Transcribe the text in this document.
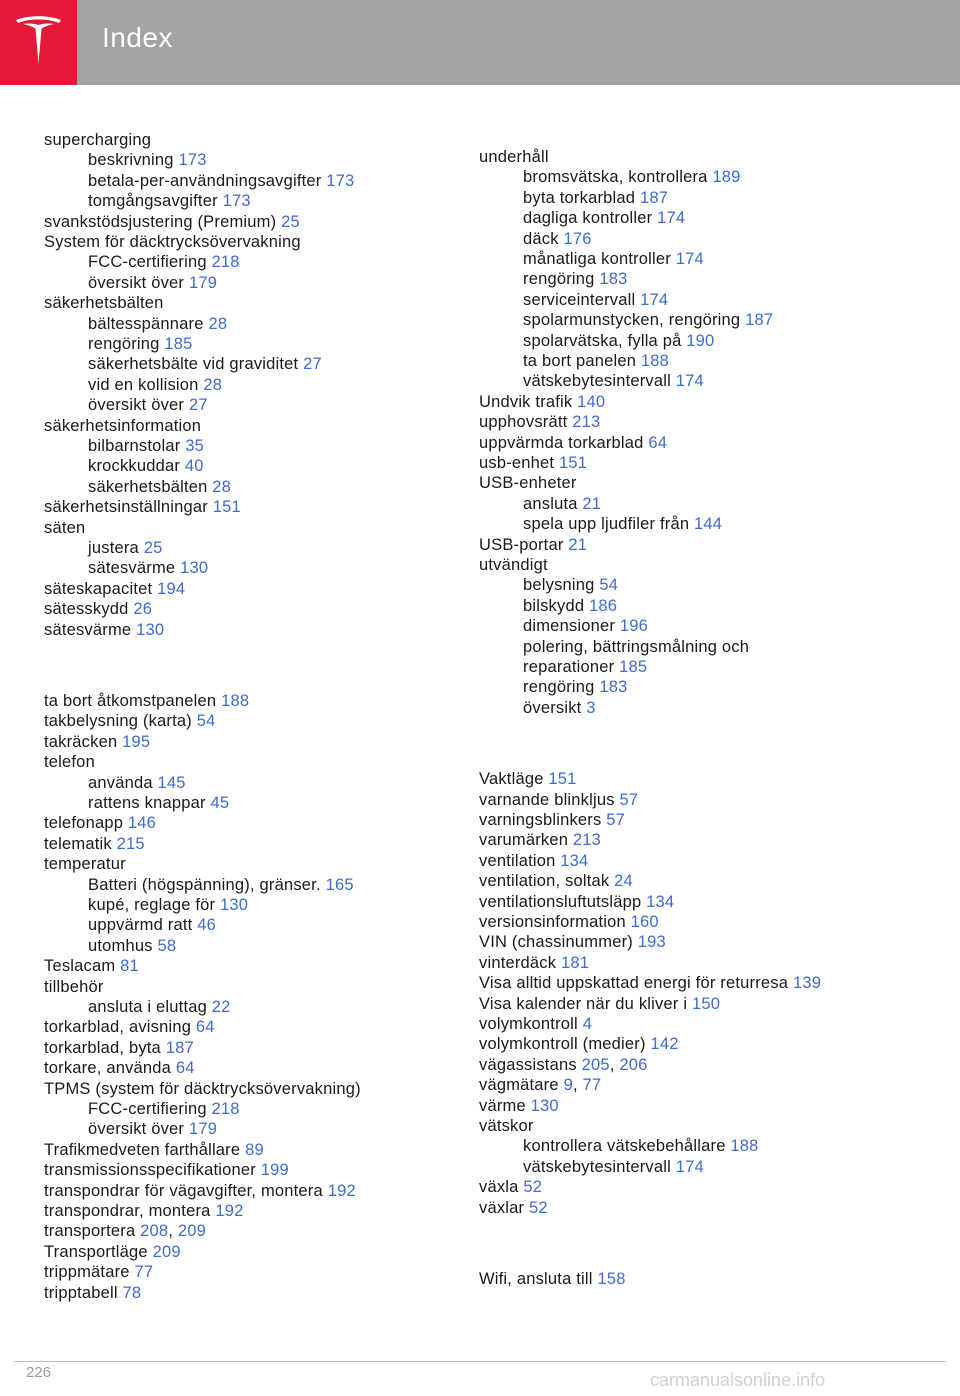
Index
supercharging
beskrivning 173
betala-per-användningsavgifter 173
tomgångsavgifter 173
svankstödsjustering (Premium) 25
System för däcktrycksövervakning
FCC-certifiering 218
översikt över 179
säkerhetsbälten
bältesspännare 28
rengöring 185
säkerhetsbälte vid graviditet 27
vid en kollision 28
översikt över 27
säkerhetsinformation
bilbarnstolar 35
krockkuddar 40
säkerhetsbälten 28
säkerhetsinställningar 151
säten
justera 25
sätesvärme 130
säteskapacitet 194
sätesskydd 26
sätesvärme 130
ta bort åtkomstpanelen 188
takbelysning (karta) 54
takräcken 195
telefon
använda 145
rattens knappar 45
telefonapp 146
telematik 215
temperatur
Batteri (högspänning), gränser. 165
kupé, reglage för 130
uppvärmd ratt 46
utomhus 58
Teslacam 81
tillbehör
ansluta i eluttag 22
torkarblad, avisning 64
torkarblad, byta 187
torkare, använda 64
TPMS (system för däcktrycksövervakning)
FCC-certifiering 218
översikt över 179
Trafikmedveten farthållare 89
transmissionsspecifikationer 199
transpondrar för vägavgifter, montera 192
transpondrar, montera 192
transportera 208, 209
Transportläge 209
trippmätare 77
tripptabell 78
underhåll
bromsvätska, kontrollera 189
byta torkarblad 187
dagliga kontroller 174
däck 176
månatliga kontroller 174
rengöring 183
serviceintervall 174
spolarmunstycken, rengöring 187
spolarvätska, fylla på 190
ta bort panelen 188
vätskebytesintervall 174
Undvik trafik 140
upphovsrätt 213
uppvärmda torkarblad 64
usb-enhet 151
USB-enheter
ansluta 21
spela upp ljudfiler från 144
USB-portar 21
utvändigt
belysning 54
bilskydd 186
dimensioner 196
polering, bättringsmålning och
reparationer 185
rengöring 183
översikt 3
Vaktläge 151
varnande blinkljus 57
varningsblinkers 57
varumärken 213
ventilation 134
ventilation, soltak 24
ventilationsluftutsläpp 134
versionsinformation 160
VIN (chassinummer) 193
vinterdäck 181
Visa alltid uppskattad energi för returresa 139
Visa kalender när du kliver i 150
volymkontroll 4
volymkontroll (medier) 142
vägassistans 205, 206
vägmätare 9, 77
värme 130
vätskor
kontrollera vätskebehållare 188
vätskebytesintervall 174
växla 52
växlar 52
Wifi, ansluta till 158
226	carmanualsonline.info
